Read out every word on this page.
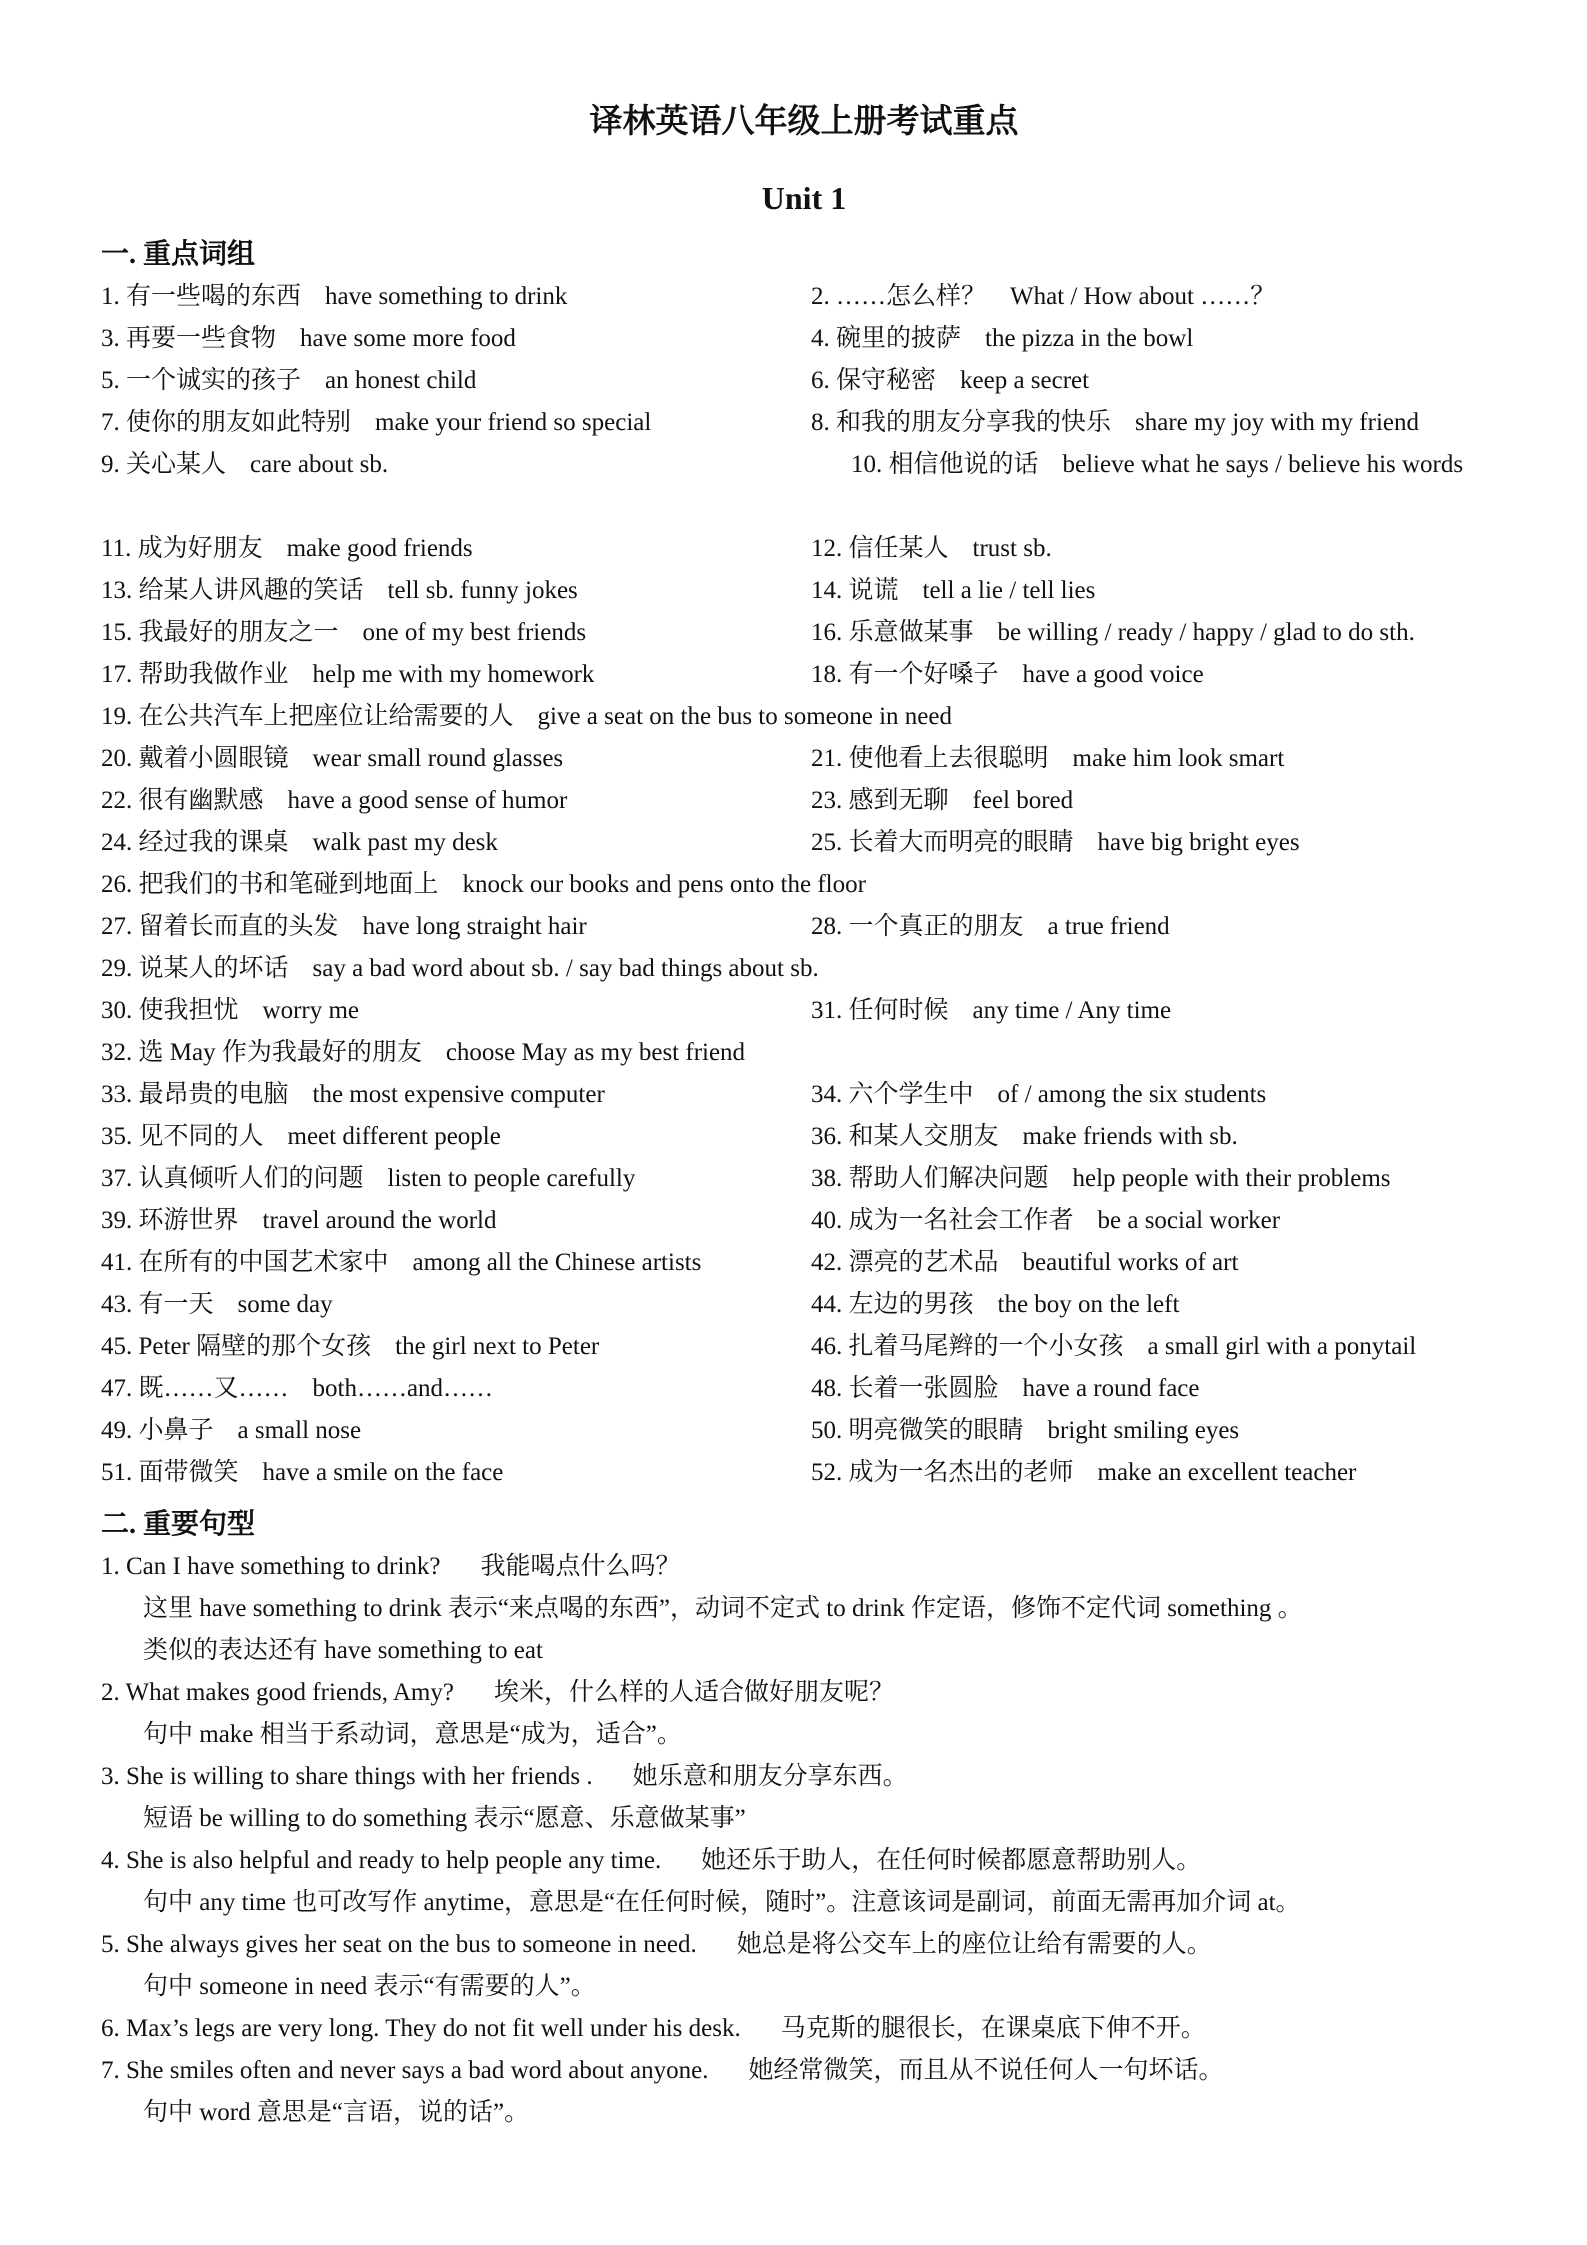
译林英语八年级上册考试重点
Unit 1
一. 重点词组
1. 有一些喝的东西 have something to drink	2. ……怎么样？ What / How about ……？
3. 再要一些食物 have some more food	4. 碗里的披萨 the pizza in the bowl
5. 一个诚实的孩子 an honest child	6. 保守秘密 keep a secret
7. 使你的朋友如此特别 make your friend so special	8. 和我的朋友分享我的快乐 share my joy with my friend
9. 关心某人 care about sb.	10. 相信他说的话 believe what he says / believe his words
11. 成为好朋友 make good friends	12. 信任某人 trust sb.
13. 给某人讲风趣的笑话 tell sb. funny jokes	14. 说谎 tell a lie / tell lies
15. 我最好的朋友之一 one of my best friends	16. 乐意做某事 be willing / ready / happy / glad to do sth.
17. 帮助我做作业 help me with my homework	18. 有一个好嗓子 have a good voice
19. 在公共汽车上把座位让给需要的人 give a seat on the bus to someone in need
20. 戴着小圆眼镜 wear small round glasses	21. 使他看上去很聪明 make him look smart
22. 很有幽默感 have a good sense of humor	23. 感到无聊 feel bored
24. 经过我的课桌 walk past my desk	25. 长着大而明亮的眼睛 have big bright eyes
26. 把我们的书和笔碰到地面上 knock our books and pens onto the floor
27. 留着长而直的头发 have long straight hair	28. 一个真正的朋友 a true friend
29. 说某人的坏话 say a bad word about sb. / say bad things about sb.
30. 使我担忧 worry me	31. 任何时候 any time / Any time
32. 选 May 作为我最好的朋友 choose May as my best friend
33. 最昂贵的电脑 the most expensive computer	34. 六个学生中 of / among the six students
35. 见不同的人 meet different people	36. 和某人交朋友 make friends with sb.
37. 认真倾听人们的问题 listen to people carefully	38. 帮助人们解决问题 help people with their problems
39. 环游世界 travel around the world	40. 成为一名社会工作者 be a social worker
41. 在所有的中国艺术家中 among all the Chinese artists	42. 漂亮的艺术品 beautiful works of art
43. 有一天 some day	44. 左边的男孩 the boy on the left
45. Peter 隔壁的那个女孩 the girl next to Peter	46. 扎着马尾辫的一个小女孩 a small girl with a ponytail
47. 既……又…… both……and……	48. 长着一张圆脸 have a round face
49. 小鼻子 a small nose	50. 明亮微笑的眼睛 bright smiling eyes
51. 面带微笑 have a smile on the face	52. 成为一名杰出的老师 make an excellent teacher
二. 重要句型
1. Can I have something to drink? 我能喝点什么吗？
这里 have something to drink 表示“来点喝的东西”，动词不定式 to drink 作定语，修饰不定代词 something 。
类似的表达还有 have something to eat
2. What makes good friends, Amy? 埃米，什么样的人适合做好朋友呢？
句中 make 相当于系动词，意思是“成为，适合”。
3. She is willing to share things with her friends . 她乐意和朋友分享东西。
短语 be willing to do something 表示“愿意、乐意做某事”
4. She is also helpful and ready to help people any time. 她还乐于助人，在任何时候都愿意帮助别人。
句中 any time 也可改写作 anytime，意思是“在任何时候，随时”。注意该词是副词，前面无需再加介词 at。
5. She always gives her seat on the bus to someone in need. 她总是将公交车上的座位让给有需要的人。
句中 someone in need 表示“有需要的人”。
6. Max’s legs are very long. They do not fit well under his desk. 马克斯的腿很长，在课桌底下伸不开。
7. She smiles often and never says a bad word about anyone. 她经常微笑，而且从不说任何人一句坏话。
句中 word 意思是“言语，说的话”。
